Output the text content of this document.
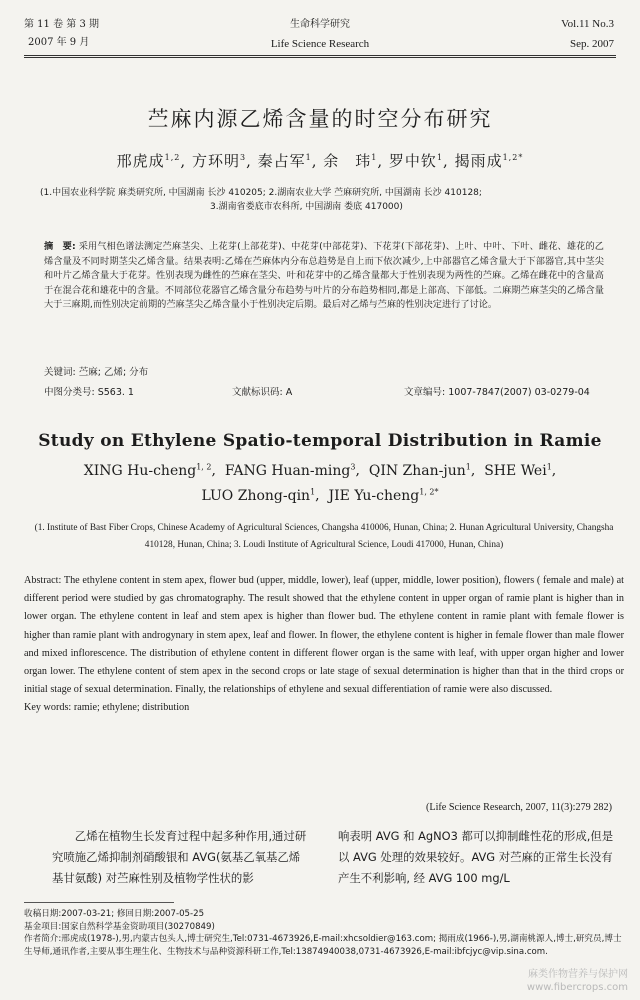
第 11 卷 第 3 期
2007 年 9 月
生命科学研究
Life Science Research
Vol.11 No.3
Sep. 2007
苎麻内源乙烯含量的时空分布研究
邢虎成$^{1,2}$, 方环明$^3$, 秦占军$^1$, 余　玮$^1$, 罗中钦$^1$, 揭雨成$^{1,2*}$
(1.中国农业科学院 麻类研究所, 中国湖南 长沙 410205; 2.湖南农业大学 苎麻研究所, 中国湖南 长沙 410128;
3.湖南省娄底市农科所, 中国湖南 娄底 417000)
摘　要: 采用气相色谱法测定苎麻茎尖、上花芽(上部花芽)、中花芽(中部花芽)、下花芽(下部花芽)、上叶、中叶、下叶、雌花、雄花的乙烯含量及不同时期茎尖乙烯含量。结果表明:乙烯在苎麻体内分布总趋势是自上而下依次减少,上中部器官乙烯含量大于下部器官,其中茎尖和叶片乙烯含量大于花芽。性别表现为雌性的苎麻在茎尖、叶和花芽中的乙烯含量都大于性别表现为两性的苎麻。乙烯在雌花中的含量高于在混合花和雄花中的含量。不同部位花器官乙烯含量分布趋势与叶片的分布趋势相同,都是上部高、下部低。二麻期苎麻茎尖的乙烯含量大于三麻期,而性别决定前期的苎麻茎尖乙烯含量小于性别决定后期。最后对乙烯与苎麻的性别决定进行了讨论。
关键词: 苎麻; 乙烯; 分布
中图分类号: S563. 1	文献标识码: A	文章编号: 1007-7847(2007) 03-0279-04
Study on Ethylene Spatio-temporal Distribution in Ramie
XING Hu-cheng$^{1, 2}$,  FANG Huan-ming$^3$,  QIN Zhan-jun$^1$,  SHE Wei$^1$,
LUO Zhong-qin$^1$,  JIE Yu-cheng$^{1, 2*}$
(1. Institute of Bast Fiber Crops, Chinese Academy of Agricultural Sciences, Changsha 410006, Hunan, China; 2. Hunan Agricultural University, Changsha 410128, Hunan, China; 3. Loudi Institute of Agricultural Science, Loudi 417000, Hunan, China)
Abstract: The ethylene content in stem apex, flower bud (upper, middle, lower), leaf (upper, middle, lower position), flowers ( female and male) at different period were studied by gas chromatography. The result showed that the ethylene content in upper organ of ramie plant is higher than in lower organ. The ethylene content in leaf and stem apex is higher than flower bud. The ethylene content in ramie plant with female flower is higher than ramie plant with androgynary in stem apex, leaf and flower. In flower, the ethylene content is higher in female flower than male flower and mixed inflorescence. The distribution of ethylene content in different flower organ is the same with leaf, with upper organ higher and lower organ lower. The ethylene content of stem apex in the second crops or late stage of sexual determination is higher than that in the third crops or initial stage of sexual determination. Finally, the relationships of ethylene and sexual differentiation of ramie were also discussed.
Key words: ramie; ethylene; distribution
(Life Science Research, 2007, 11(3):279 282)
乙烯在植物生长发育过程中起多种作用,通过研究喷施乙烯抑制剂硝酸银和 AVG(氨基乙氧基乙烯基甘氨酸) 对苎麻性别及植物学性状的影
响表明 AVG 和 AgNO3 都可以抑制雌性花的形成,但是以 AVG 处理的效果较好。AVG 对苎麻的正常生长没有产生不利影响, 经 AVG 100 mg/L
收稿日期:2007-03-21; 修回日期:2007-05-25
基金项目:国家自然科学基金资助项目(30270849)
作者简介:邢虎成(1978-),男,内蒙古包头人,博士研究生,Tel:0731-4673926,E-mail:xhcsoldier@163.com; 揭雨成(1966-),男,湖南桃源人,博士,研究员,博士生导师,通讯作者,主要从事生理生化、生物技术与品种资源科研工作,Tel:13874940038,0731-4673926,E-mail:ibfcjyc@vip.sina.com.
麻类作物营养与保护网
www.fibercrops.com
